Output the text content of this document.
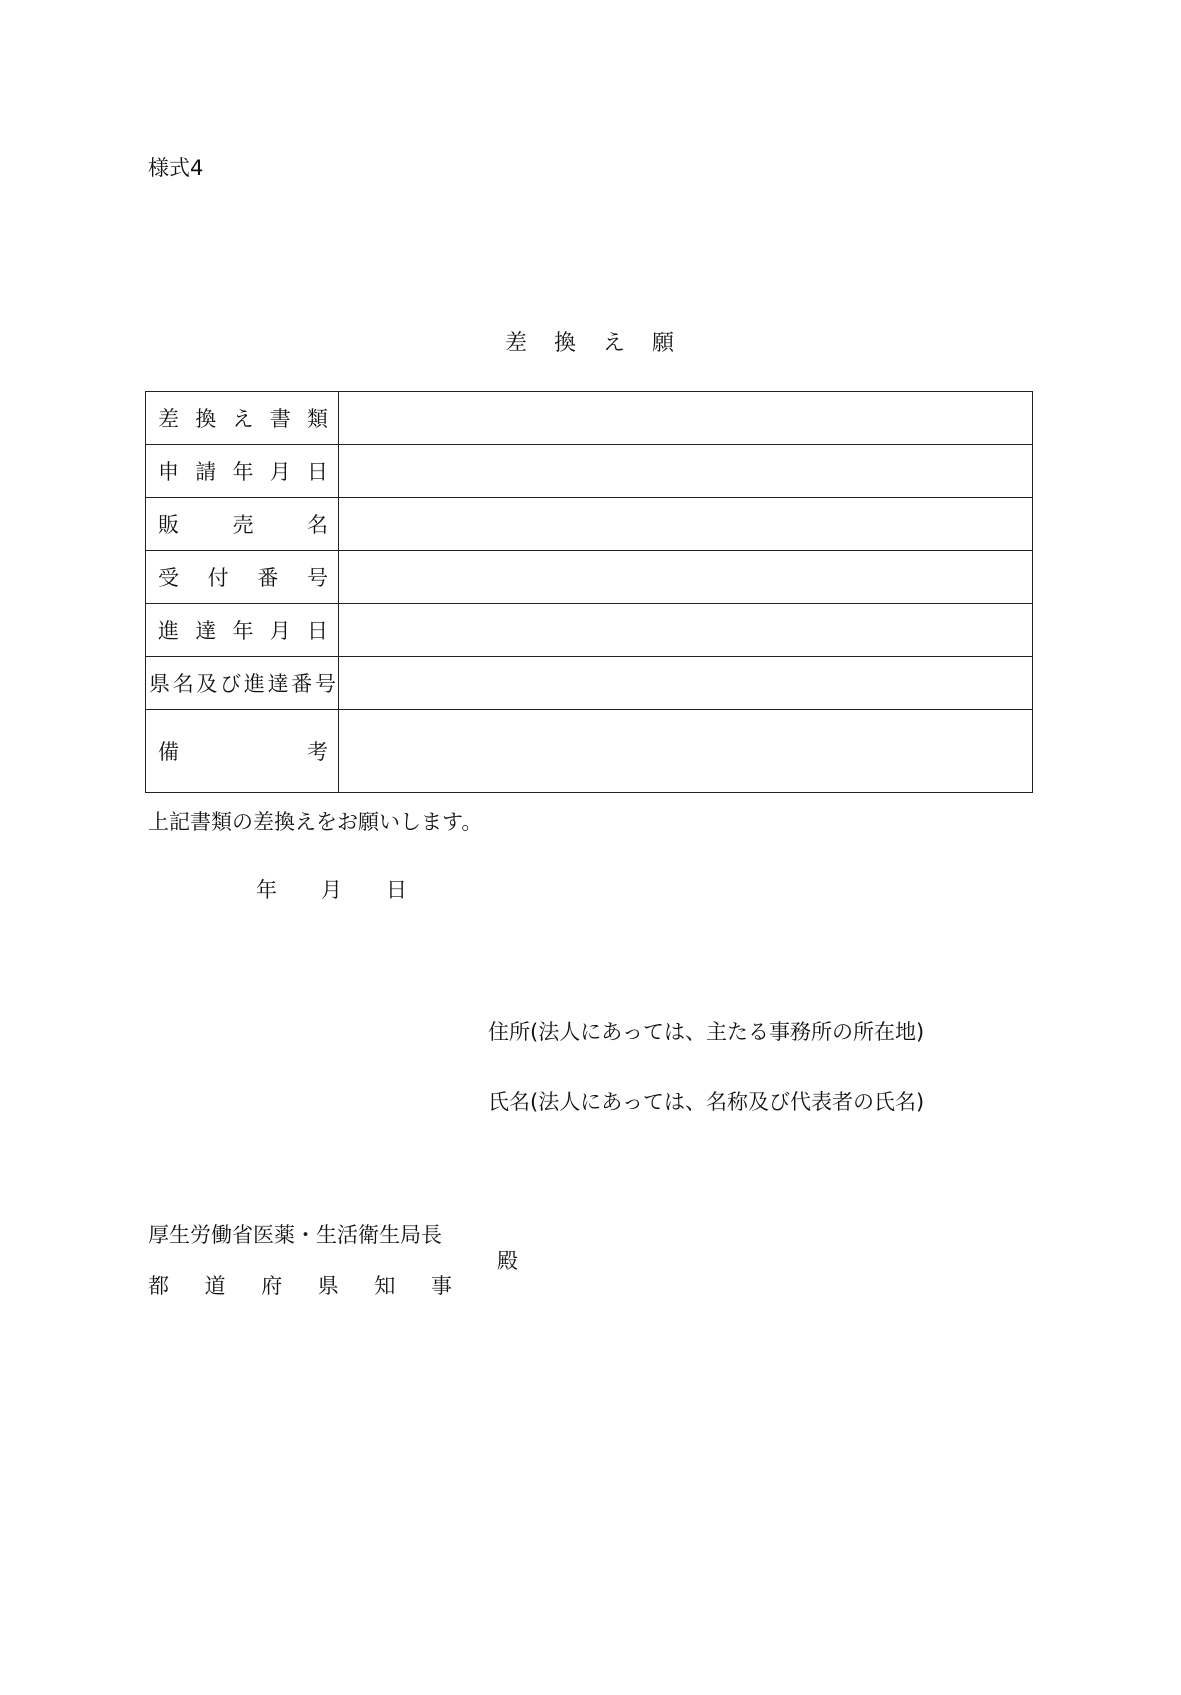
様式4
差 換 え 願
差換え書類	
申請年月日	
販売名	
受付番号	
進達年月日	
県名及び進達番号	
備考	
上記書類の差換えをお願いします。
年 月 日
住所(法人にあっては、主たる事務所の所在地)
氏名(法人にあっては、名称及び代表者の氏名)
厚生労働省医薬・生活衛生局長
都道府県知事
殿
